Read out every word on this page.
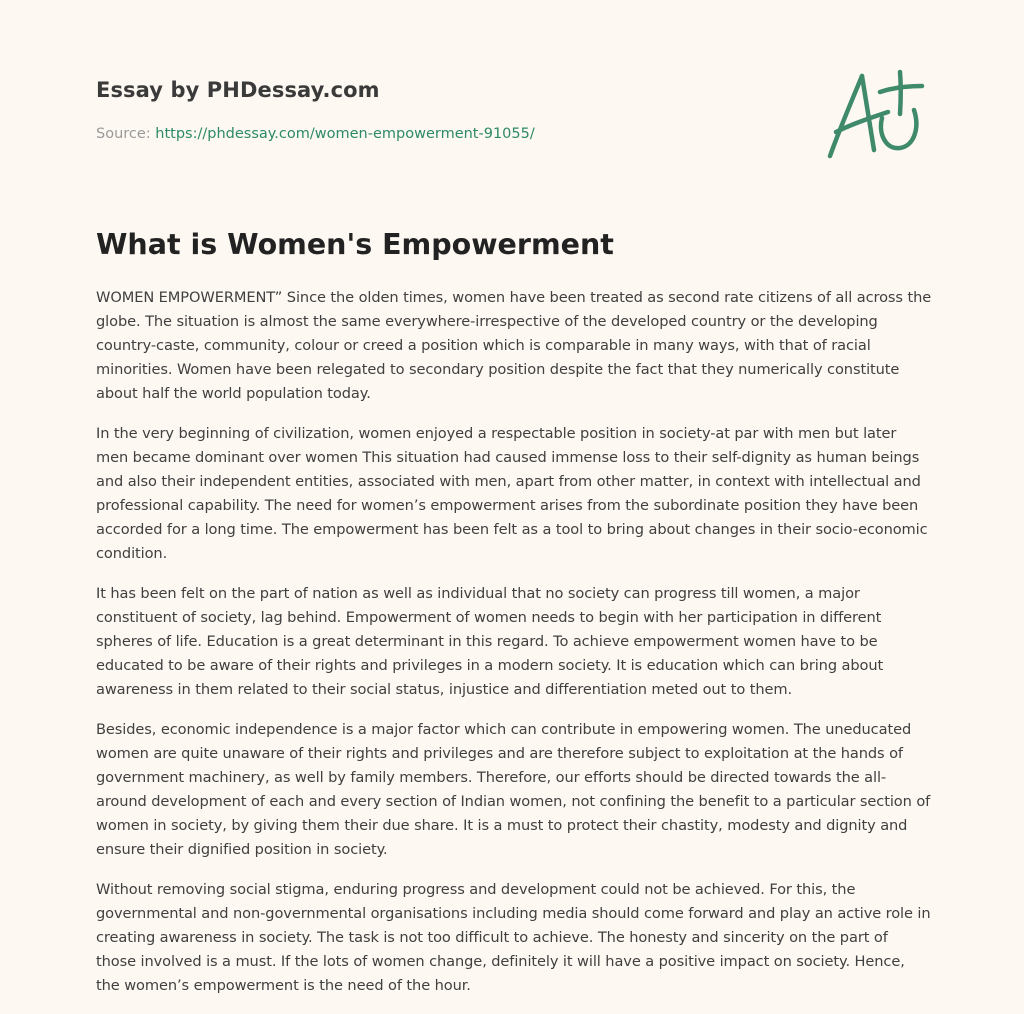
Essay by PHDessay.com
Source: https://phdessay.com/women-empowerment-91055/
What is Women's Empowerment

WOMEN EMPOWERMENT” Since the olden times, women have been treated as second rate citizens of all across the globe. The situation is almost the same everywhere-irrespective of the developed country or the developing country-caste, community, colour or creed a position which is comparable in many ways, with that of racial minorities. Women have been relegated to secondary position despite the fact that they numerically constitute about half the world population today.

In the very beginning of civilization, women enjoyed a respectable position in society-at par with men but later men became dominant over women This situation had caused immense loss to their self-dignity as human beings and also their independent entities, associated with men, apart from other matter, in context with intellectual and professional capability. The need for women’s empowerment arises from the subordinate position they have been accorded for a long time. The empowerment has been felt as a tool to bring about changes in their socio-economic condition.

It has been felt on the part of nation as well as individual that no society can progress till women, a major constituent of society, lag behind. Empowerment of women needs to begin with her participation in different spheres of life. Education is a great determinant in this regard. To achieve empowerment women have to be educated to be aware of their rights and privileges in a modern society. It is education which can bring about awareness in them related to their social status, injustice and differentiation meted out to them.

Besides, economic independence is a major factor which can contribute in empowering women. The uneducated women are quite unaware of their rights and privileges and are therefore subject to exploitation at the hands of government machinery, as well by family members. Therefore, our efforts should be directed towards the all-around development of each and every section of Indian women, not confining the benefit to a particular section of women in society, by giving them their due share. It is a must to protect their chastity, modesty and dignity and ensure their dignified position in society.

Without removing social stigma, enduring progress and development could not be achieved. For this, the governmental and non-governmental organisations including media should come forward and play an active role in creating awareness in society. The task is not too difficult to achieve. The honesty and sincerity on the part of those involved is a must. If the lots of women change, definitely it will have a positive impact on society. Hence, the women’s empowerment is the need of the hour.
